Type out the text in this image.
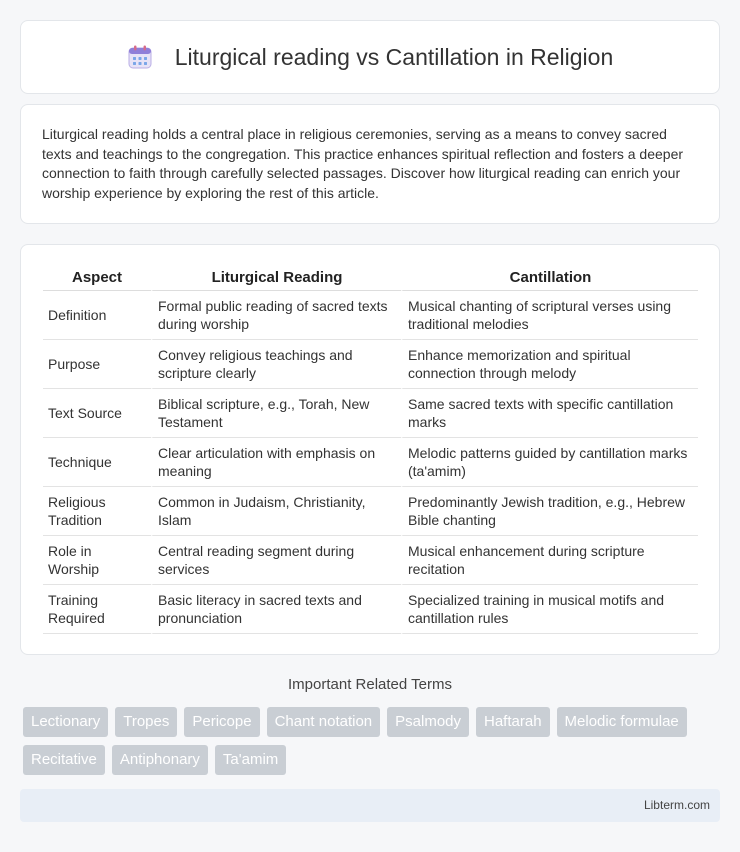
Liturgical reading vs Cantillation in Religion

Liturgical reading holds a central place in religious ceremonies, serving as a means to convey sacred texts and teachings to the congregation. This practice enhances spiritual reflection and fosters a deeper connection to faith through carefully selected passages. Discover how liturgical reading can enrich your worship experience by exploring the rest of this article.

Aspect	Liturgical Reading	Cantillation
Definition	Formal public reading of sacred texts during worship	Musical chanting of scriptural verses using traditional melodies
Purpose	Convey religious teachings and scripture clearly	Enhance memorization and spiritual connection through melody
Text Source	Biblical scripture, e.g., Torah, New Testament	Same sacred texts with specific cantillation marks
Technique	Clear articulation with emphasis on meaning	Melodic patterns guided by cantillation marks (ta'amim)
Religious Tradition	Common in Judaism, Christianity, Islam	Predominantly Jewish tradition, e.g., Hebrew Bible chanting
Role in Worship	Central reading segment during services	Musical enhancement during scripture recitation
Training Required	Basic literacy in sacred texts and pronunciation	Specialized training in musical motifs and cantillation rules
Important Related Terms
Lectionary	Tropes	Pericope	Chant notation	Psalmody	Haftarah	Melodic formulae
Recitative	Antiphonary	Ta'amim
Libterm.com
